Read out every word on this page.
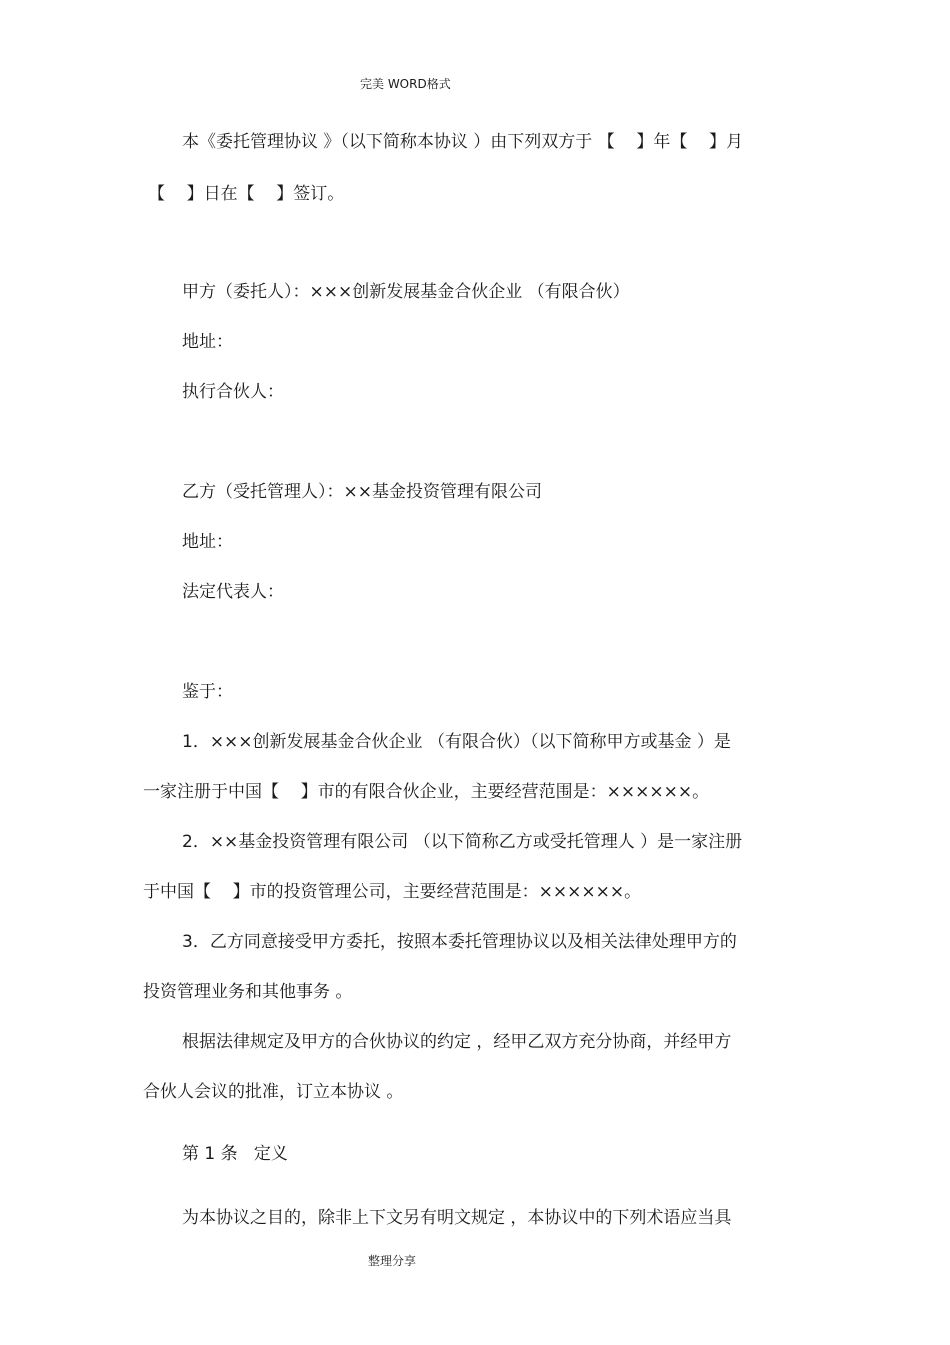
完美 WORD格式
本《委托管理协议 》（以下简称本协议 ）由下列双方于 【    】年【    】月
【    】日在【    】签订。
甲方（委托人）：×××创新发展基金合伙企业 （有限合伙）
地址：
执行合伙人：
乙方（受托管理人）：××基金投资管理有限公司
地址：
法定代表人：
鉴于：
1．×××创新发展基金合伙企业 （有限合伙）（以下简称甲方或基金 ）是
一家注册于中国【    】市的有限合伙企业，主要经营范围是：××××××。
2．××基金投资管理有限公司 （以下简称乙方或受托管理人 ）是一家注册
于中国【    】市的投资管理公司，主要经营范围是：××××××。
3．乙方同意接受甲方委托，按照本委托管理协议以及相关法律处理甲方的
投资管理业务和其他事务 。
根据法律规定及甲方的合伙协议的约定 ，经甲乙双方充分协商，并经甲方
合伙人会议的批准，订立本协议 。
第 1 条   定义
为本协议之目的，除非上下文另有明文规定 ，本协议中的下列术语应当具
整理分享
